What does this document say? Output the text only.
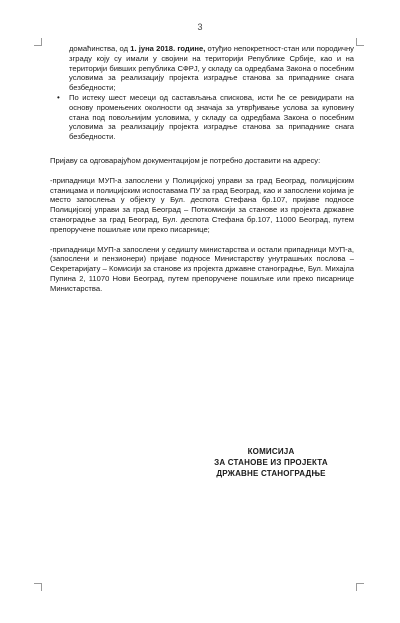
3
домаћинства, од 1. јуна 2018. године, отуђио непокретност-стан или породичну зграду коју су имали у својини на територији Републике Србије, као и на територији бивших република СФРЈ, у складу са одредбама Закона о посебним условима за реализацију пројекта изградње станова за припаднике снага безбедности;
• По истеку шест месеци од састављања спискова, исти ће се ревидирати на основу промењених околности од значаја за утврђивање услова за куповину стана под повољнијим условима, у складу са одредбама Закона о посебним условима за реализацију пројекта изградње станова за припаднике снага безбедности.
Пријаву са одговарајућом документацијом је потребно доставити на адресу:
-припадници МУП-а запослени у Полицијској управи за град Београд, полицијским станицама и полицијским испоставама ПУ за град Београд, као и запослени којима је место запослења у објекту у Бул. деспота Стефана бр.107, пријаве подносе Полицијској управи за град Београд – Поткомисији за станове из пројекта државне станоградње за град Београд, Бул. деспота Стефана бр.107, 11000 Београд, путем препоручене пошиљке или преко писарнице;
-припадници МУП-а запослени у седишту министарства и остали припадници МУП-а, (запослени и пензионери) пријаве подносе Министарству унутрашњих послова – Секретаријату – Комисији за станове из пројекта државне станоградње, Бул. Михајла Пупина 2, 11070 Нови Београд, путем препоручене пошиљке или преко писарнице Министарства.
КОМИСИЈА
ЗА СТАНОВЕ ИЗ ПРОЈЕКТА
ДРЖАВНЕ СТАНОГРАДЊЕ
